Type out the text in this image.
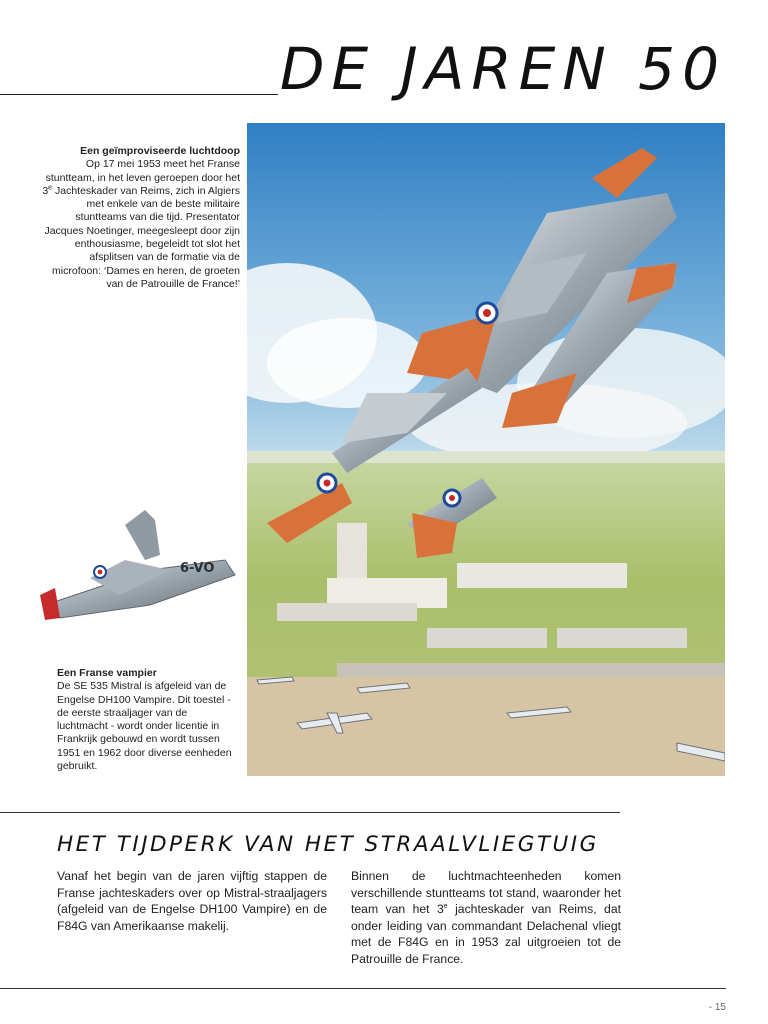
DE JAREN 50
Een geïmproviseerde luchtdoop
Op 17 mei 1953 meet het Franse stuntteam, in het leven geroepen door het 3e Jachteskader van Reims, zich in Algiers met enkele van de beste militaire stuntteams van die tijd. Presentator Jacques Noetinger, meegesleept door zijn enthousiasme, begeleidt tot slot het afsplitsen van de formatie via de microfoon: ‘Dames en heren, de groeten van de Patrouille de France!’
6-VO
Een Franse vampier
De SE 535 Mistral is afgeleid van de Engelse DH100 Vampire. Dit toestel - de eerste straaljager van de luchtmacht - wordt onder licentie in Frankrijk gebouwd en wordt tussen 1951 en 1962 door diverse eenheden gebruikt.
HET TIJDPERK VAN HET STRAALVLIEGTUIG
Vanaf het begin van de jaren vijftig stappen de Franse jachteskaders over op Mistral-straaljagers (afgeleid van de Engelse DH100 Vampire) en de F84G van Amerikaanse makelij.
Binnen de luchtmachteenheden komen verschillende stuntteams tot stand, waaronder het team van het 3e jachteskader van Reims, dat onder leiding van commandant Delachenal vliegt met de F84G en in 1953 zal uitgroeien tot de Patrouille de France.
- 15
